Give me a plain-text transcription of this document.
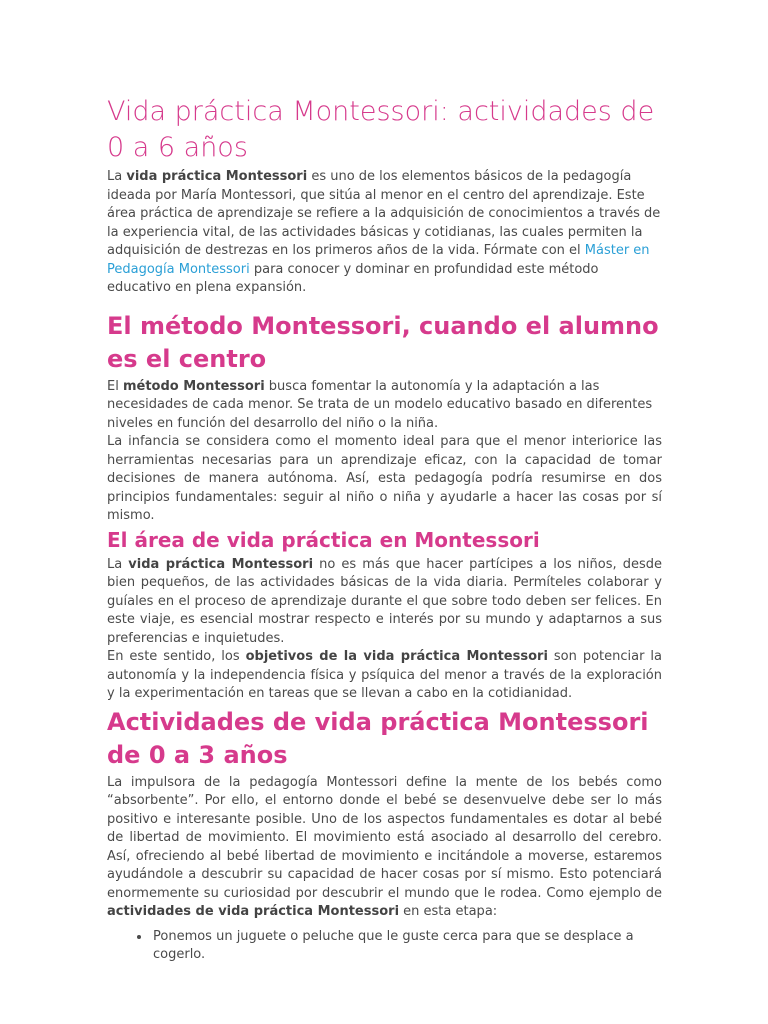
Vida práctica Montessori: actividades de 0 a 6 años

La vida práctica Montessori es uno de los elementos básicos de la pedagogía ideada por María Montessori, que sitúa al menor en el centro del aprendizaje. Este área práctica de aprendizaje se refiere a la adquisición de conocimientos a través de la experiencia vital, de las actividades básicas y cotidianas, las cuales permiten la adquisición de destrezas en los primeros años de la vida. Fórmate con el Máster en Pedagogía Montessori para conocer y dominar en profundidad este método educativo en plena expansión.

El método Montessori, cuando el alumno es el centro

El método Montessori busca fomentar la autonomía y la adaptación a las necesidades de cada menor. Se trata de un modelo educativo basado en diferentes niveles en función del desarrollo del niño o la niña.

La infancia se considera como el momento ideal para que el menor interiorice las herramientas necesarias para un aprendizaje eficaz, con la capacidad de tomar decisiones de manera autónoma. Así, esta pedagogía podría resumirse en dos principios fundamentales: seguir al niño o niña y ayudarle a hacer las cosas por sí mismo.

El área de vida práctica en Montessori

La vida práctica Montessori no es más que hacer partícipes a los niños, desde bien pequeños, de las actividades básicas de la vida diaria. Permíteles colaborar y guíales en el proceso de aprendizaje durante el que sobre todo deben ser felices. En este viaje, es esencial mostrar respecto e interés por su mundo y adaptarnos a sus preferencias e inquietudes.

En este sentido, los objetivos de la vida práctica Montessori son potenciar la autonomía y la independencia física y psíquica del menor a través de la exploración y la experimentación en tareas que se llevan a cabo en la cotidianidad.

Actividades de vida práctica Montessori de 0 a 3 años

La impulsora de la pedagogía Montessori define la mente de los bebés como “absorbente”. Por ello, el entorno donde el bebé se desenvuelve debe ser lo más positivo e interesante posible. Uno de los aspectos fundamentales es dotar al bebé de libertad de movimiento. El movimiento está asociado al desarrollo del cerebro. Así, ofreciendo al bebé libertad de movimiento e incitándole a moverse, estaremos ayudándole a descubrir su capacidad de hacer cosas por sí mismo. Esto potenciará enormemente su curiosidad por descubrir el mundo que le rodea. Como ejemplo de actividades de vida práctica Montessori en esta etapa:

• Ponemos un juguete o peluche que le guste cerca para que se desplace a cogerlo.
